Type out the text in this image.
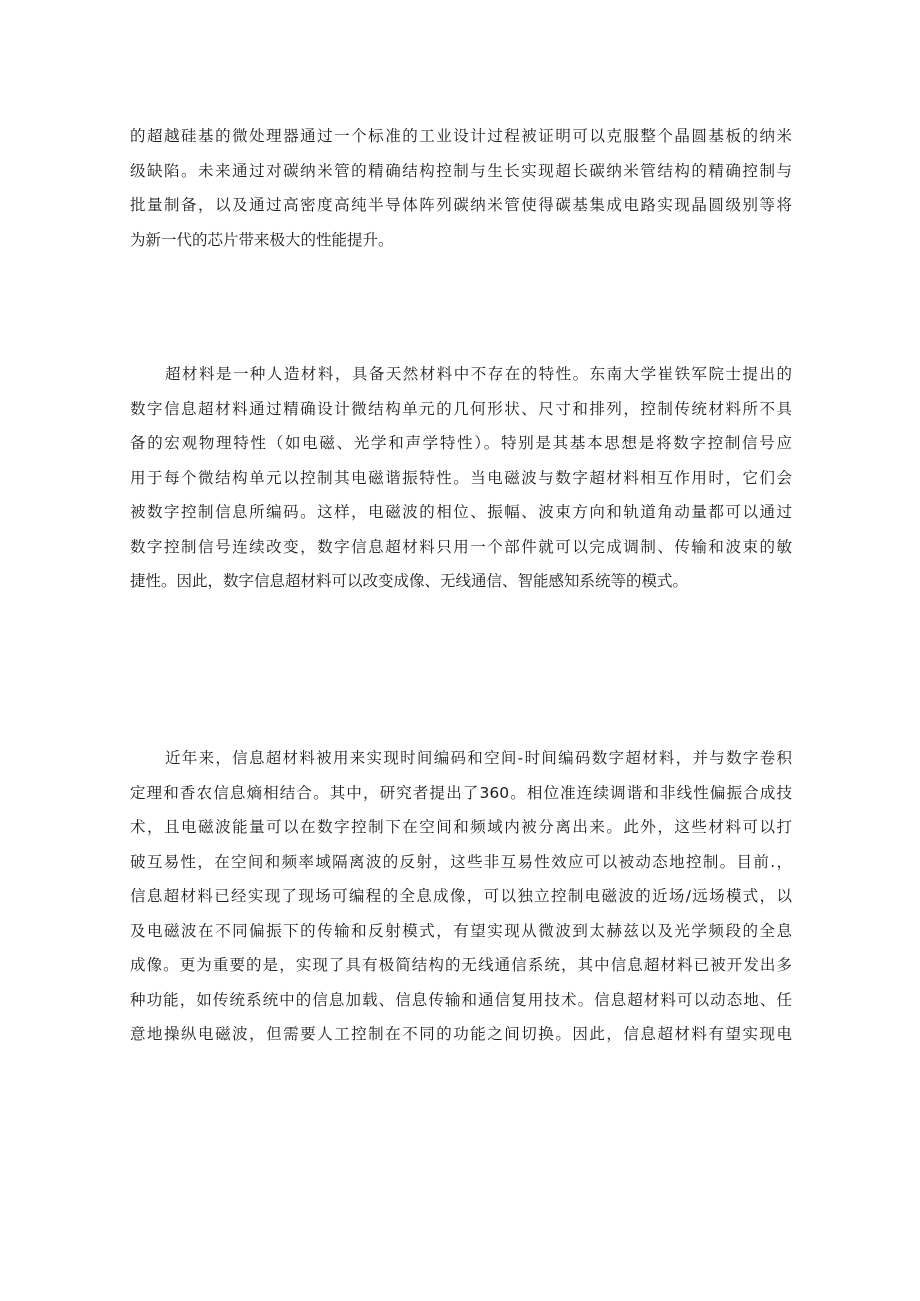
的超越硅基的微处理器通过一个标准的工业设计过程被证明可以克服整个晶圆基板的纳米
级缺陷。未来通过对碳纳米管的精确结构控制与生长实现超长碳纳米管结构的精确控制与
批量制备，以及通过高密度高纯半导体阵列碳纳米管使得碳基集成电路实现晶圆级别等将
为新一代的芯片带来极大的性能提升。

超材料是一种人造材料，具备天然材料中不存在的特性。东南大学崔铁军院士提出的
数字信息超材料通过精确设计微结构单元的几何形状、尺寸和排列，控制传统材料所不具
备的宏观物理特性（如电磁、光学和声学特性）。特别是其基本思想是将数字控制信号应
用于每个微结构单元以控制其电磁谐振特性。当电磁波与数字超材料相互作用时，它们会
被数字控制信息所编码。这样，电磁波的相位、振幅、波束方向和轨道角动量都可以通过
数字控制信号连续改变，数字信息超材料只用一个部件就可以完成调制、传输和波束的敏
捷性。因此，数字信息超材料可以改变成像、无线通信、智能感知系统等的模式。

近年来，信息超材料被用来实现时间编码和空间-时间编码数字超材料，并与数字卷积
定理和香农信息熵相结合。其中，研究者提出了360。相位准连续调谐和非线性偏振合成技
术，且电磁波能量可以在数字控制下在空间和频域内被分离出来。此外，这些材料可以打
破互易性，在空间和频率域隔离波的反射，这些非互易性效应可以被动态地控制。目前.，
信息超材料已经实现了现场可编程的全息成像，可以独立控制电磁波的近场/远场模式，以
及电磁波在不同偏振下的传输和反射模式，有望实现从微波到太赫兹以及光学频段的全息
成像。更为重要的是，实现了具有极简结构的无线通信系统，其中信息超材料已被开发出多
种功能，如传统系统中的信息加载、信息传输和通信复用技术。信息超材料可以动态地、任
意地操纵电磁波，但需要人工控制在不同的功能之间切换。因此，信息超材料有望实现电
